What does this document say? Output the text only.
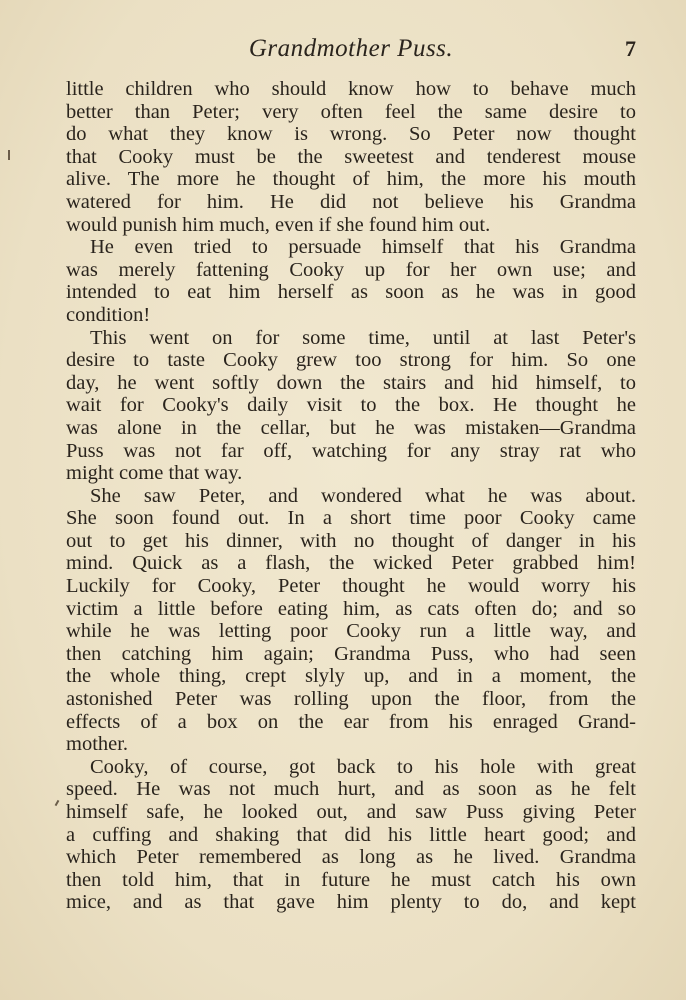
Grandmother Puss.	7
little children who should know how to behave much
better than Peter; very often feel the same desire to
do what they know is wrong. So Peter now thought
that Cooky must be the sweetest and tenderest mouse
alive. The more he thought of him, the more his mouth
watered for him. He did not believe his Grandma
would punish him much, even if she found him out.
He even tried to persuade himself that his Grandma
was merely fattening Cooky up for her own use; and
intended to eat him herself as soon as he was in good
condition!
This went on for some time, until at last Peter's
desire to taste Cooky grew too strong for him. So one
day, he went softly down the stairs and hid himself, to
wait for Cooky's daily visit to the box. He thought he
was alone in the cellar, but he was mistaken—Grandma
Puss was not far off, watching for any stray rat who
might come that way.
She saw Peter, and wondered what he was about.
She soon found out. In a short time poor Cooky came
out to get his dinner, with no thought of danger in his
mind. Quick as a flash, the wicked Peter grabbed him!
Luckily for Cooky, Peter thought he would worry his
victim a little before eating him, as cats often do; and so
while he was letting poor Cooky run a little way, and
then catching him again; Grandma Puss, who had seen
the whole thing, crept slyly up, and in a moment, the
astonished Peter was rolling upon the floor, from the
effects of a box on the ear from his enraged Grand-
mother.
Cooky, of course, got back to his hole with great
speed. He was not much hurt, and as soon as he felt
himself safe, he looked out, and saw Puss giving Peter
a cuffing and shaking that did his little heart good; and
which Peter remembered as long as he lived. Grandma
then told him, that in future he must catch his own
mice, and as that gave him plenty to do, and kept
